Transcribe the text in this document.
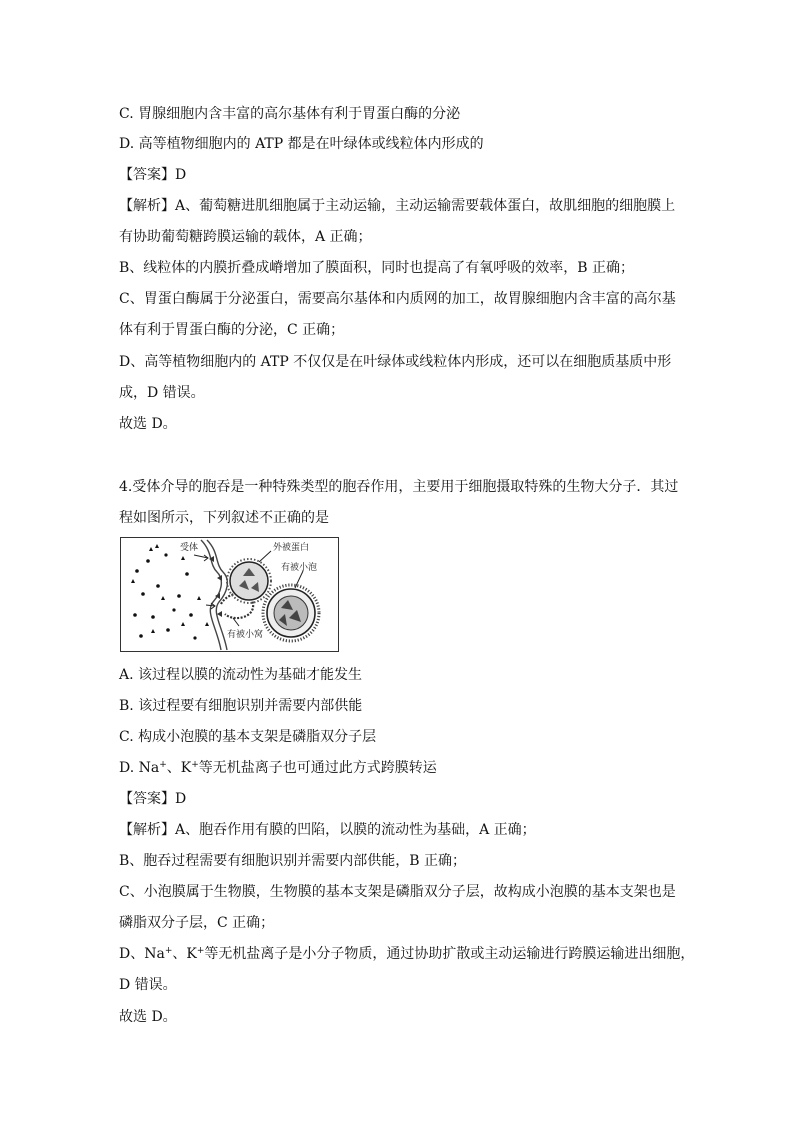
C. 胃腺细胞内含丰富的高尔基体有利于胃蛋白酶的分泌
D. 高等植物细胞内的 ATP 都是在叶绿体或线粒体内形成的
【答案】D
【解析】A、葡萄糖进肌细胞属于主动运输，主动运输需要载体蛋白，故肌细胞的细胞膜上
有协助葡萄糖跨膜运输的载体，A 正确；
B、线粒体的内膜折叠成嵴增加了膜面积，同时也提高了有氧呼吸的效率，B 正确；
C、胃蛋白酶属于分泌蛋白，需要高尔基体和内质网的加工，故胃腺细胞内含丰富的高尔基
体有利于胃蛋白酶的分泌，C 正确；
D、高等植物细胞内的 ATP 不仅仅是在叶绿体或线粒体内形成，还可以在细胞质基质中形
成，D 错误。
故选 D。
4.受体介导的胞吞是一种特殊类型的胞吞作用，主要用于细胞摄取特殊的生物大分子．其过
程如图所示，下列叙述不正确的是
受体	外被蛋白
有被小泡
有被小窝
A. 该过程以膜的流动性为基础才能发生
B. 该过程要有细胞识别并需要内部供能
C. 构成小泡膜的基本支架是磷脂双分子层
D. Na+、K+等无机盐离子也可通过此方式跨膜转运
【答案】D
【解析】A、胞吞作用有膜的凹陷，以膜的流动性为基础，A 正确；
B、胞吞过程需要有细胞识别并需要内部供能，B 正确；
C、小泡膜属于生物膜，生物膜的基本支架是磷脂双分子层，故构成小泡膜的基本支架也是
磷脂双分子层，C 正确；
D、Na+、K+等无机盐离子是小分子物质，通过协助扩散或主动运输进行跨膜运输进出细胞，
D 错误。
故选 D。
